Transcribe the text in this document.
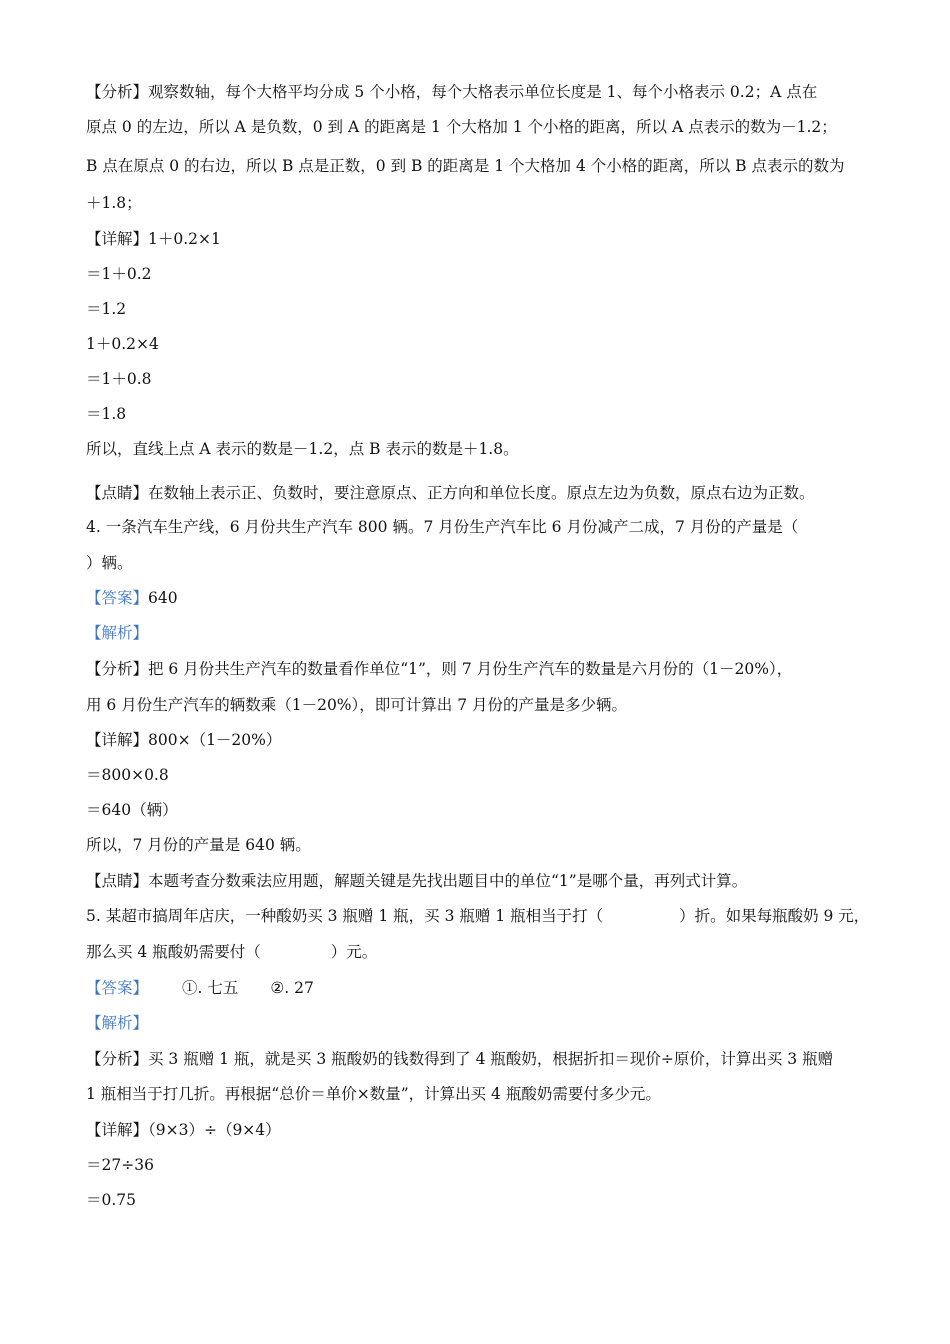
【分析】观察数轴，每个大格平均分成 5 个小格，每个大格表示单位长度是 1、每个小格表示 0.2；A 点在
原点 0 的左边，所以 A 是负数，0 到 A 的距离是 1 个大格加 1 个小格的距离，所以 A 点表示的数为－1.2；
B 点在原点 0 的右边，所以 B 点是正数，0 到 B 的距离是 1 个大格加 4 个小格的距离，所以 B 点表示的数为
＋1.8；
【详解】1＋0.2×1
＝1＋0.2
＝1.2
1＋0.2×4
＝1＋0.8
＝1.8
所以，直线上点 A 表示的数是－1.2，点 B 表示的数是＋1.8。
【点睛】在数轴上表示正、负数时，要注意原点、正方向和单位长度。原点左边为负数，原点右边为正数。
4. 一条汽车生产线，6 月份共生产汽车 800 辆。7 月份生产汽车比 6 月份减产二成，7 月份的产量是（
）辆。
【答案】640
【解析】
【分析】把 6 月份共生产汽车的数量看作单位“1”，则 7 月份生产汽车的数量是六月份的（1－20%），
用 6 月份生产汽车的辆数乘（1－20%），即可计算出 7 月份的产量是多少辆。
【详解】800×（1－20%）
＝800×0.8
＝640（辆）
所以，7 月份的产量是 640 辆。
【点睛】本题考查分数乘法应用题，解题关键是先找出题目中的单位“1”是哪个量，再列式计算。
5. 某超市搞周年店庆，一种酸奶买 3 瓶赠 1 瓶，买 3 瓶赠 1 瓶相当于打（	）折。如果每瓶酸奶 9 元，
那么买 4 瓶酸奶需要付（	）元。
【答案】 ①. 七五 ②. 27
【解析】
【分析】买 3 瓶赠 1 瓶，就是买 3 瓶酸奶的钱数得到了 4 瓶酸奶，根据折扣＝现价÷原价，计算出买 3 瓶赠
1 瓶相当于打几折。再根据“总价＝单价×数量”，计算出买 4 瓶酸奶需要付多少元。
【详解】（9×3）÷（9×4）
＝27÷36
＝0.75
